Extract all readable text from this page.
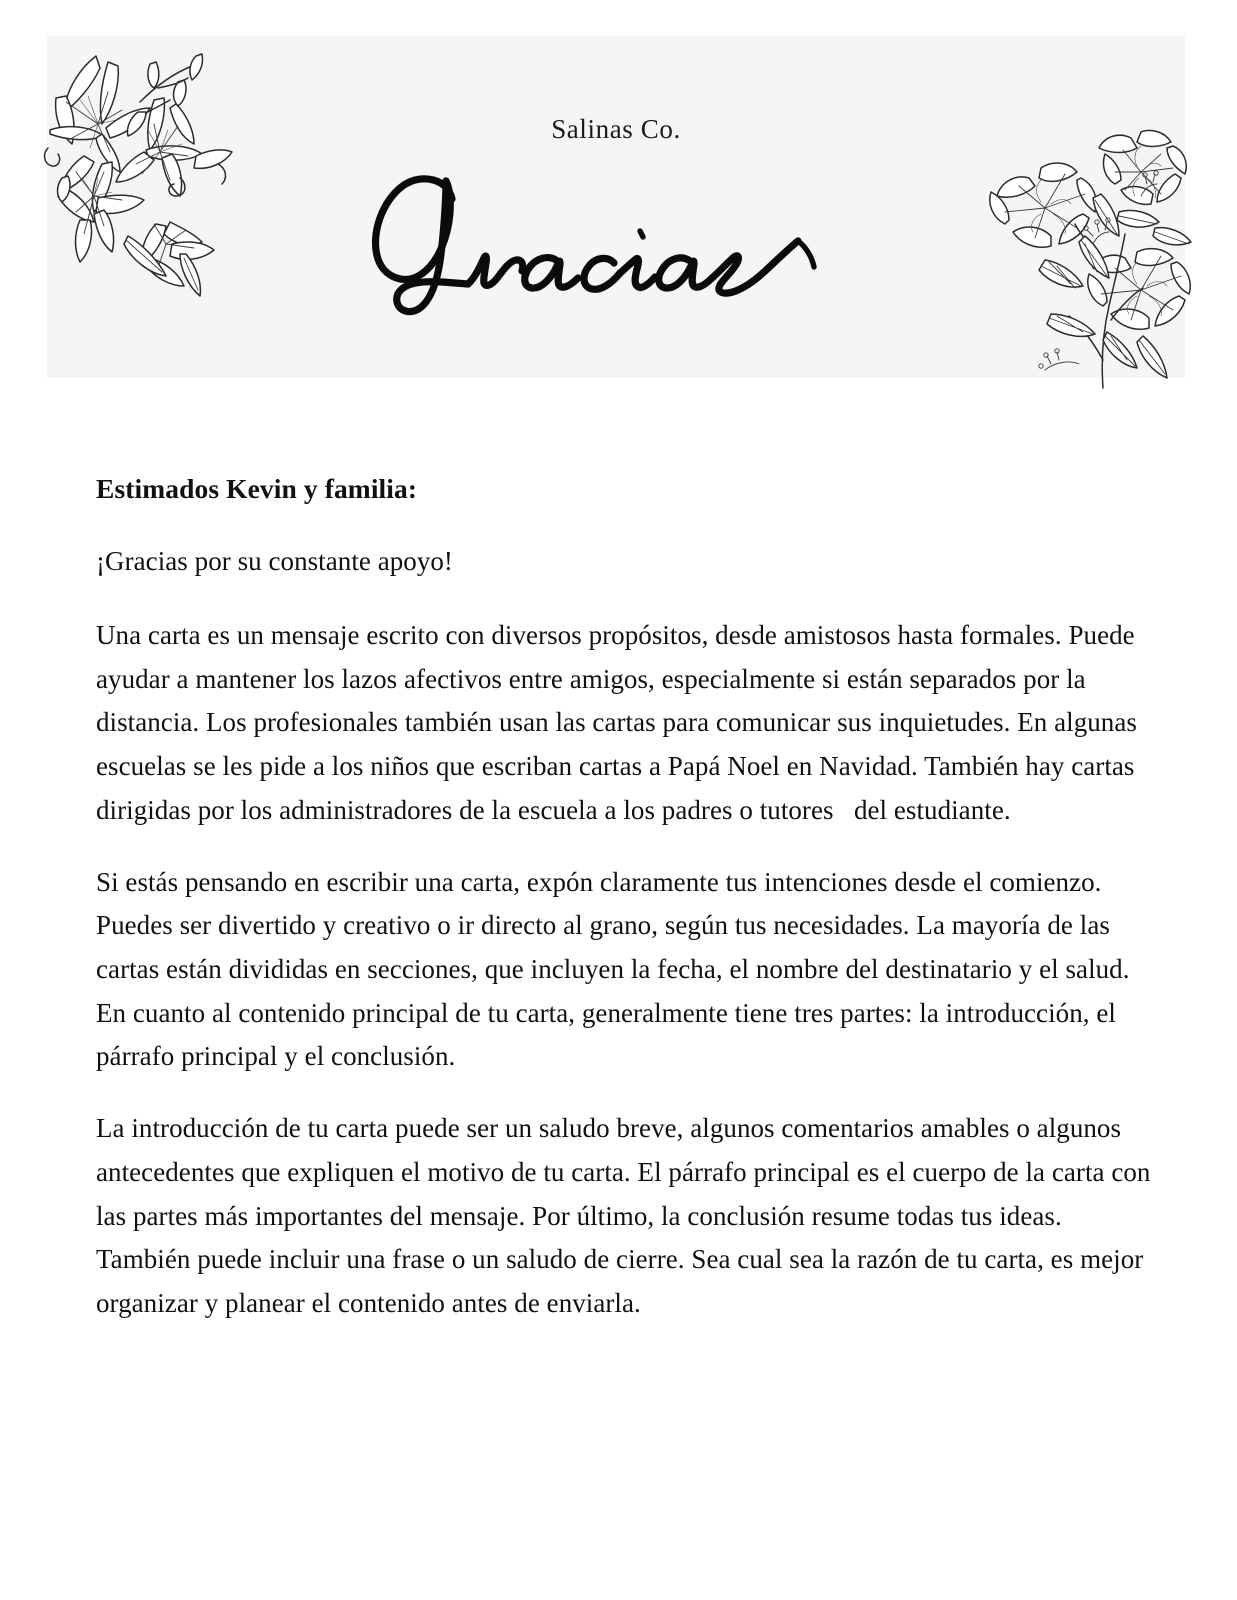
Salinas Co.

Estimados Kevin y familia:

¡Gracias por su constante apoyo!

Una carta es un mensaje escrito con diversos propósitos, desde amistosos hasta formales. Puede ayudar a mantener los lazos afectivos entre amigos, especialmente si están separados por la distancia. Los profesionales también usan las cartas para comunicar sus inquietudes. En algunas escuelas se les pide a los niños que escriban cartas a Papá Noel en Navidad. También hay cartas dirigidas por los administradores de la escuela a los padres o tutores   del estudiante.

Si estás pensando en escribir una carta, expón claramente tus intenciones desde el comienzo. Puedes ser divertido y creativo o ir directo al grano, según tus necesidades. La mayoría de las cartas están divididas en secciones, que incluyen la fecha, el nombre del destinatario y el salud.   En cuanto al contenido principal de tu carta, generalmente tiene tres partes: la introducción, el párrafo principal y el conclusión.

La introducción de tu carta puede ser un saludo breve, algunos comentarios amables o algunos antecedentes que expliquen el motivo de tu carta. El párrafo principal es el cuerpo de la carta con las partes más importantes del mensaje. Por último, la conclusión resume todas tus ideas. También puede incluir una frase o un saludo de cierre. Sea cual sea la razón de tu carta, es mejor organizar y planear el contenido antes de enviarla.
